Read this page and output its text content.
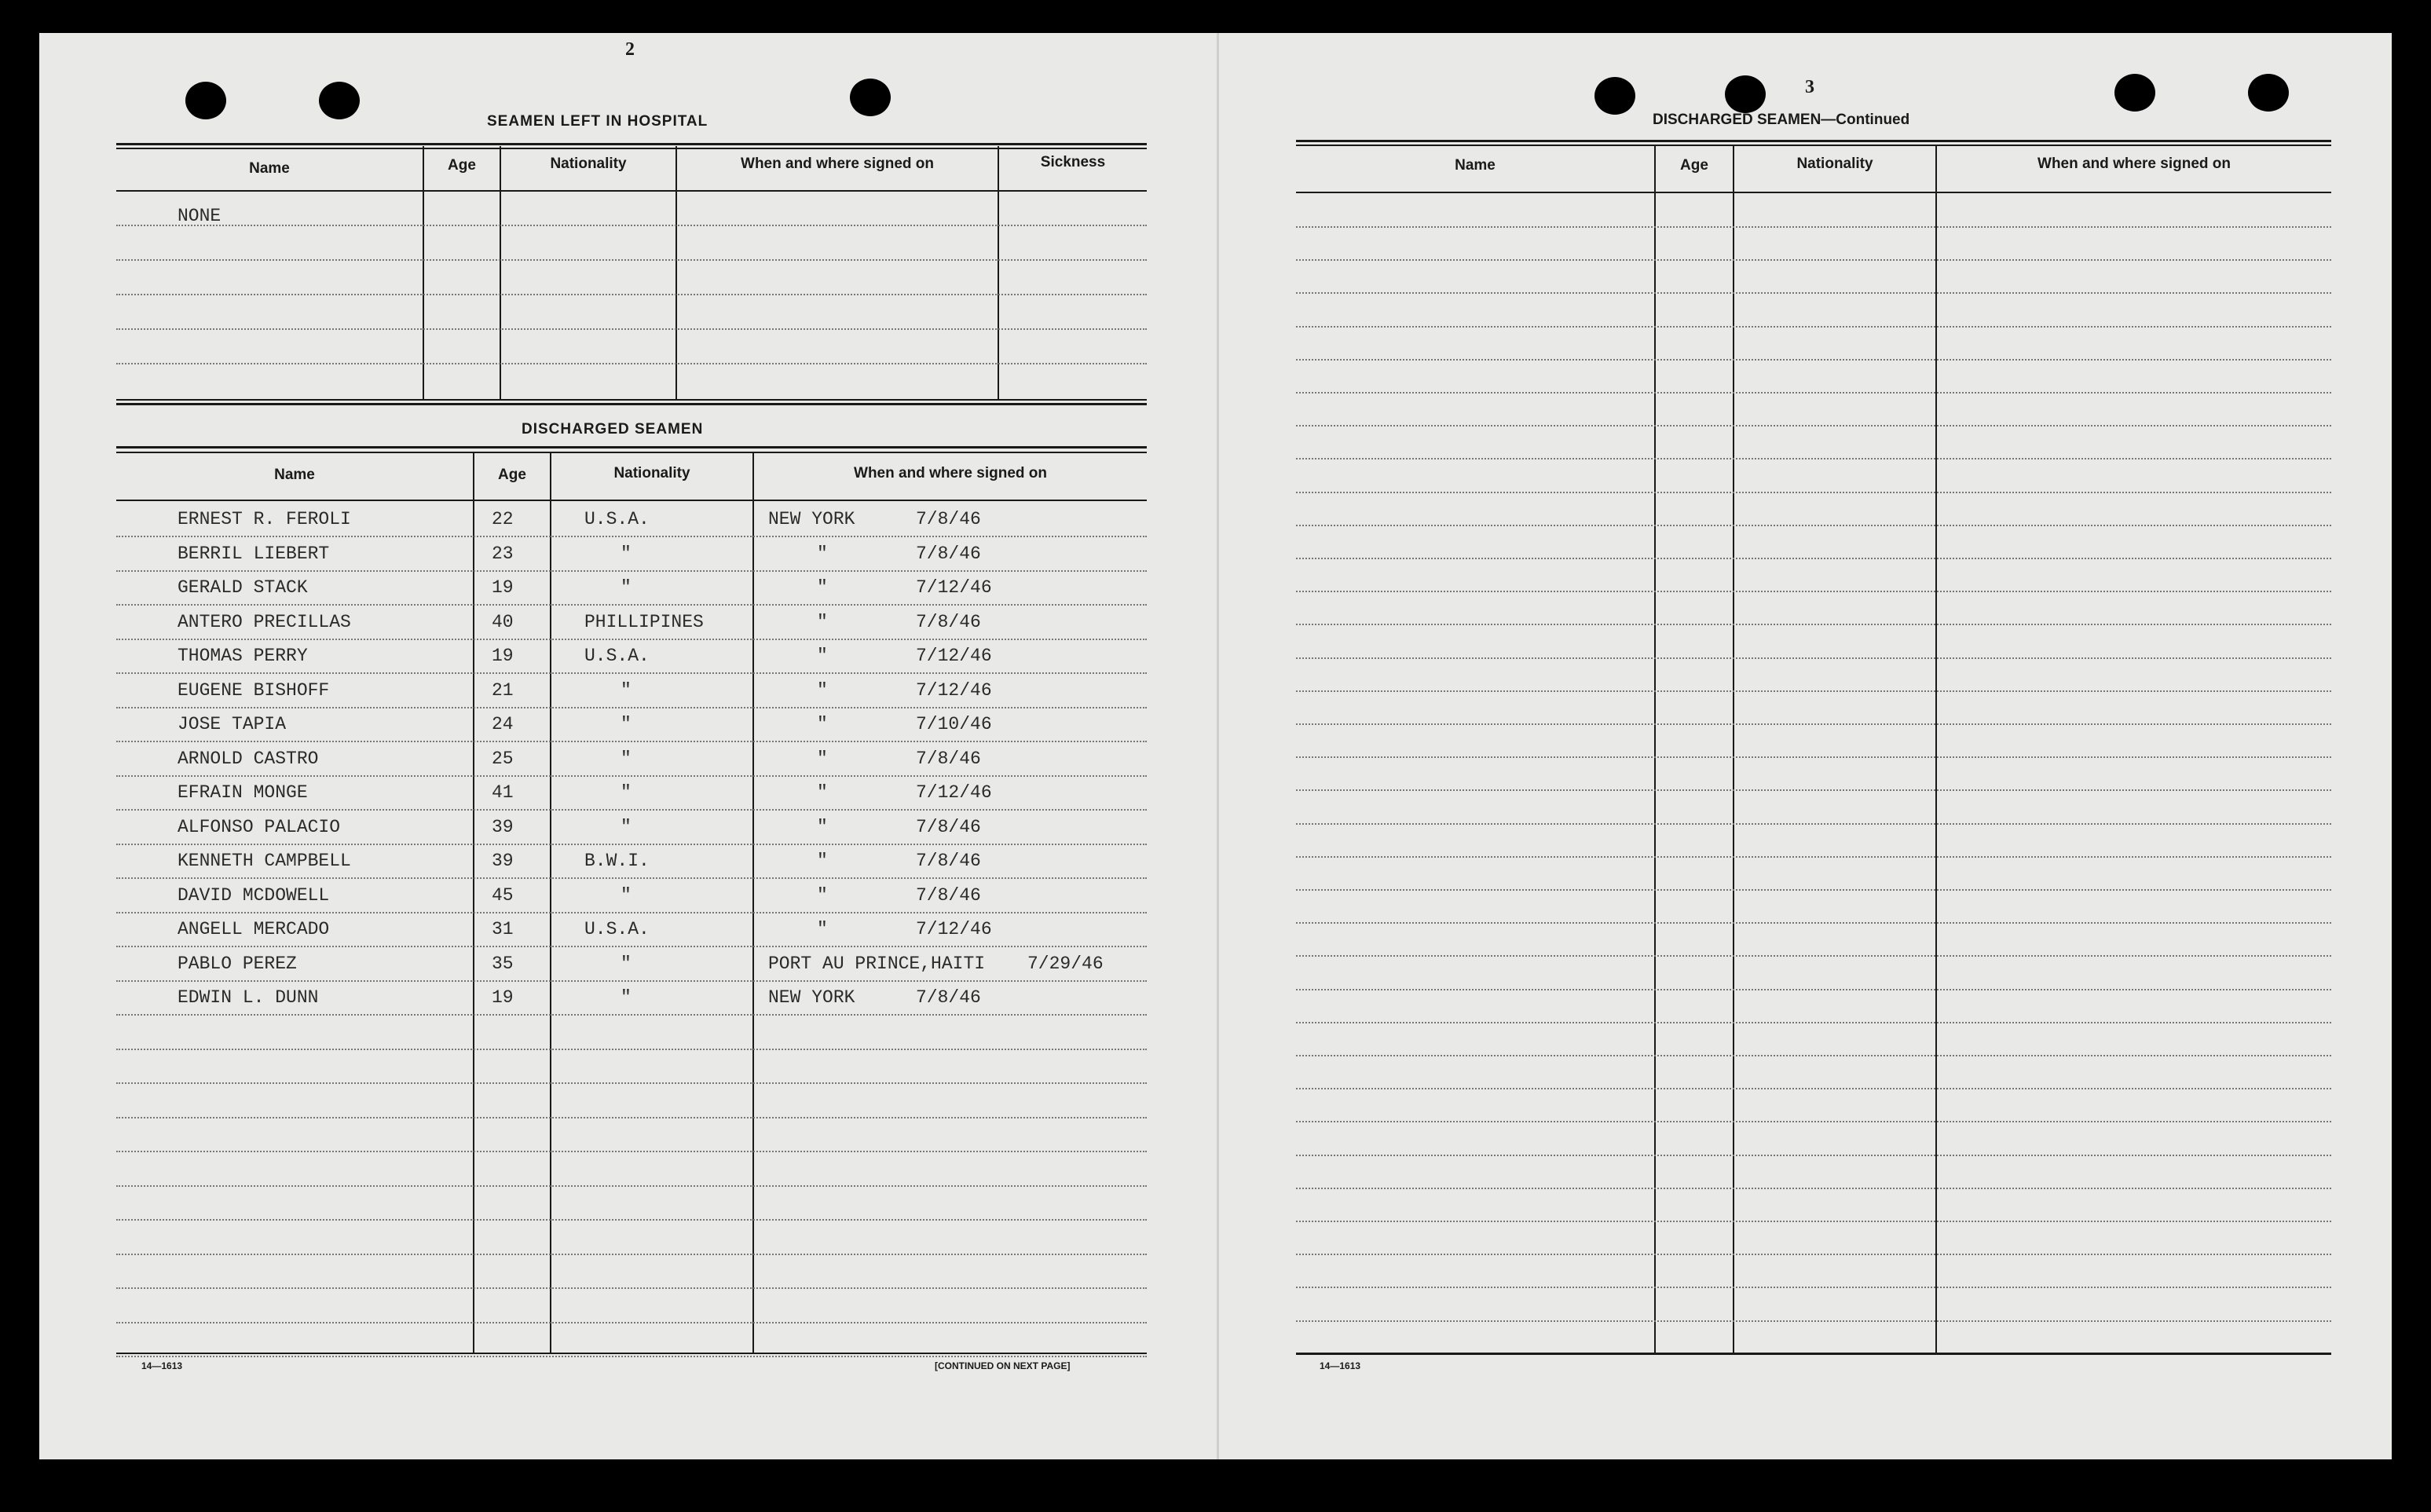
2
SEAMEN LEFT IN HOSPITAL
Name	Age	Nationality	When and where signed on	Sickness
NONE
DISCHARGED SEAMEN
Name	Age	Nationality	When and where signed on
ERNEST R. FEROLI	22	U.S.A.	NEW YORK	7/8/46
BERRIL LIEBERT	23	"	"	7/8/46
GERALD STACK	19	"	"	7/12/46
ANTERO PRECILLAS	40	PHILLIPINES	"	7/8/46
THOMAS PERRY	19	U.S.A.	"	7/12/46
EUGENE BISHOFF	21	"	"	7/12/46
JOSE TAPIA	24	"	"	7/10/46
ARNOLD CASTRO	25	"	"	7/8/46
EFRAIN MONGE	41	"	"	7/12/46
ALFONSO PALACIO	39	"	"	7/8/46
KENNETH CAMPBELL	39	B.W.I.	"	7/8/46
DAVID MCDOWELL	45	"	"	7/8/46
ANGELL MERCADO	31	U.S.A.	"	7/12/46
PABLO PEREZ	35	"	PORT AU PRINCE,HAITI 7/29/46
EDWIN L. DUNN	19	"	NEW YORK	7/8/46
14—1613	[CONTINUED ON NEXT PAGE]
3
DISCHARGED SEAMEN—Continued
Name	Age	Nationality	When and where signed on
14—1613
